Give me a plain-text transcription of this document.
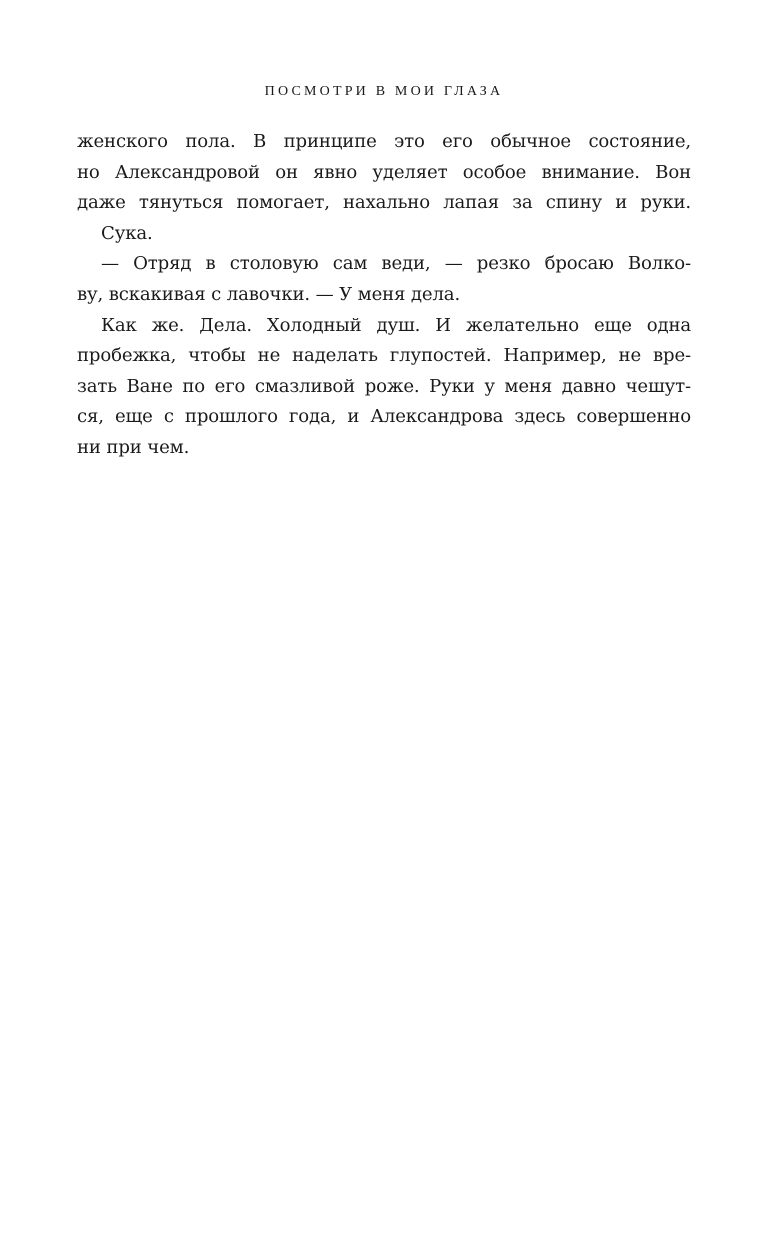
ПОСМОТРИ В МОИ ГЛАЗА
женского пола. В принципе это его обычное состояние,
но Александровой он явно уделяет особое внимание. Вон
даже тянуться помогает, нахально лапая за спину и руки.
Сука.
— Отряд в столовую сам веди, — резко бросаю Волко-
ву, вскакивая с лавочки. — У меня дела.
Как же. Дела. Холодный душ. И желательно еще одна
пробежка, чтобы не наделать глупостей. Например, не вре-
зать Ване по его смазливой роже. Руки у меня давно чешут-
ся, еще с прошлого года, и Александрова здесь совершенно
ни при чем.
